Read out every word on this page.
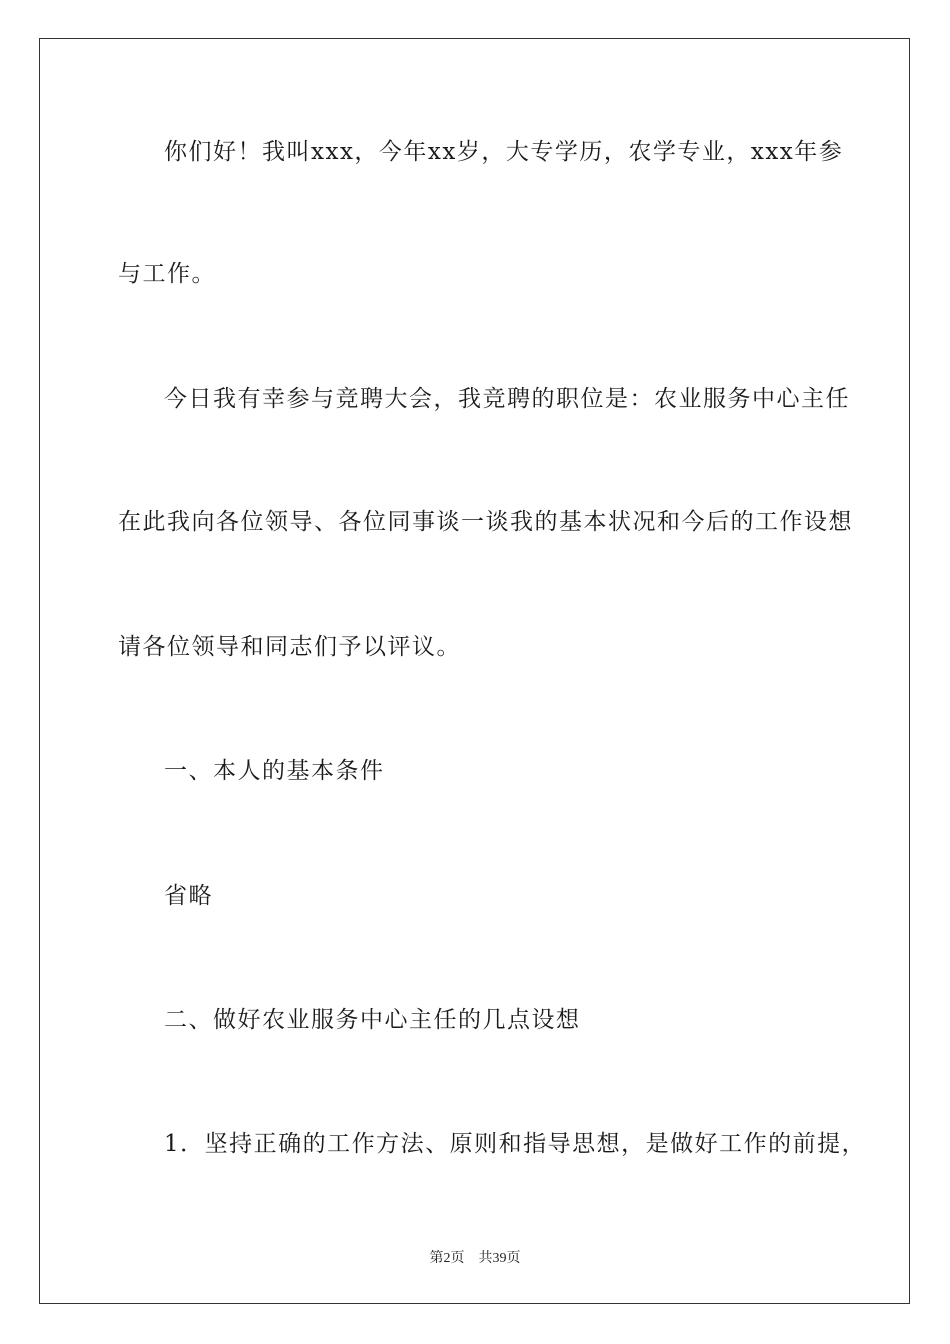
你们好！我叫xxx，今年xx岁，大专学历，农学专业，xxx年参
与工作。
今日我有幸参与竞聘大会，我竞聘的职位是：农业服务中心主任
在此我向各位领导、各位同事谈一谈我的基本状况和今后的工作设想
请各位领导和同志们予以评议。
一、本人的基本条件
省略
二、做好农业服务中心主任的几点设想
1．坚持正确的工作方法、原则和指导思想，是做好工作的前提，
第2页 共39页
